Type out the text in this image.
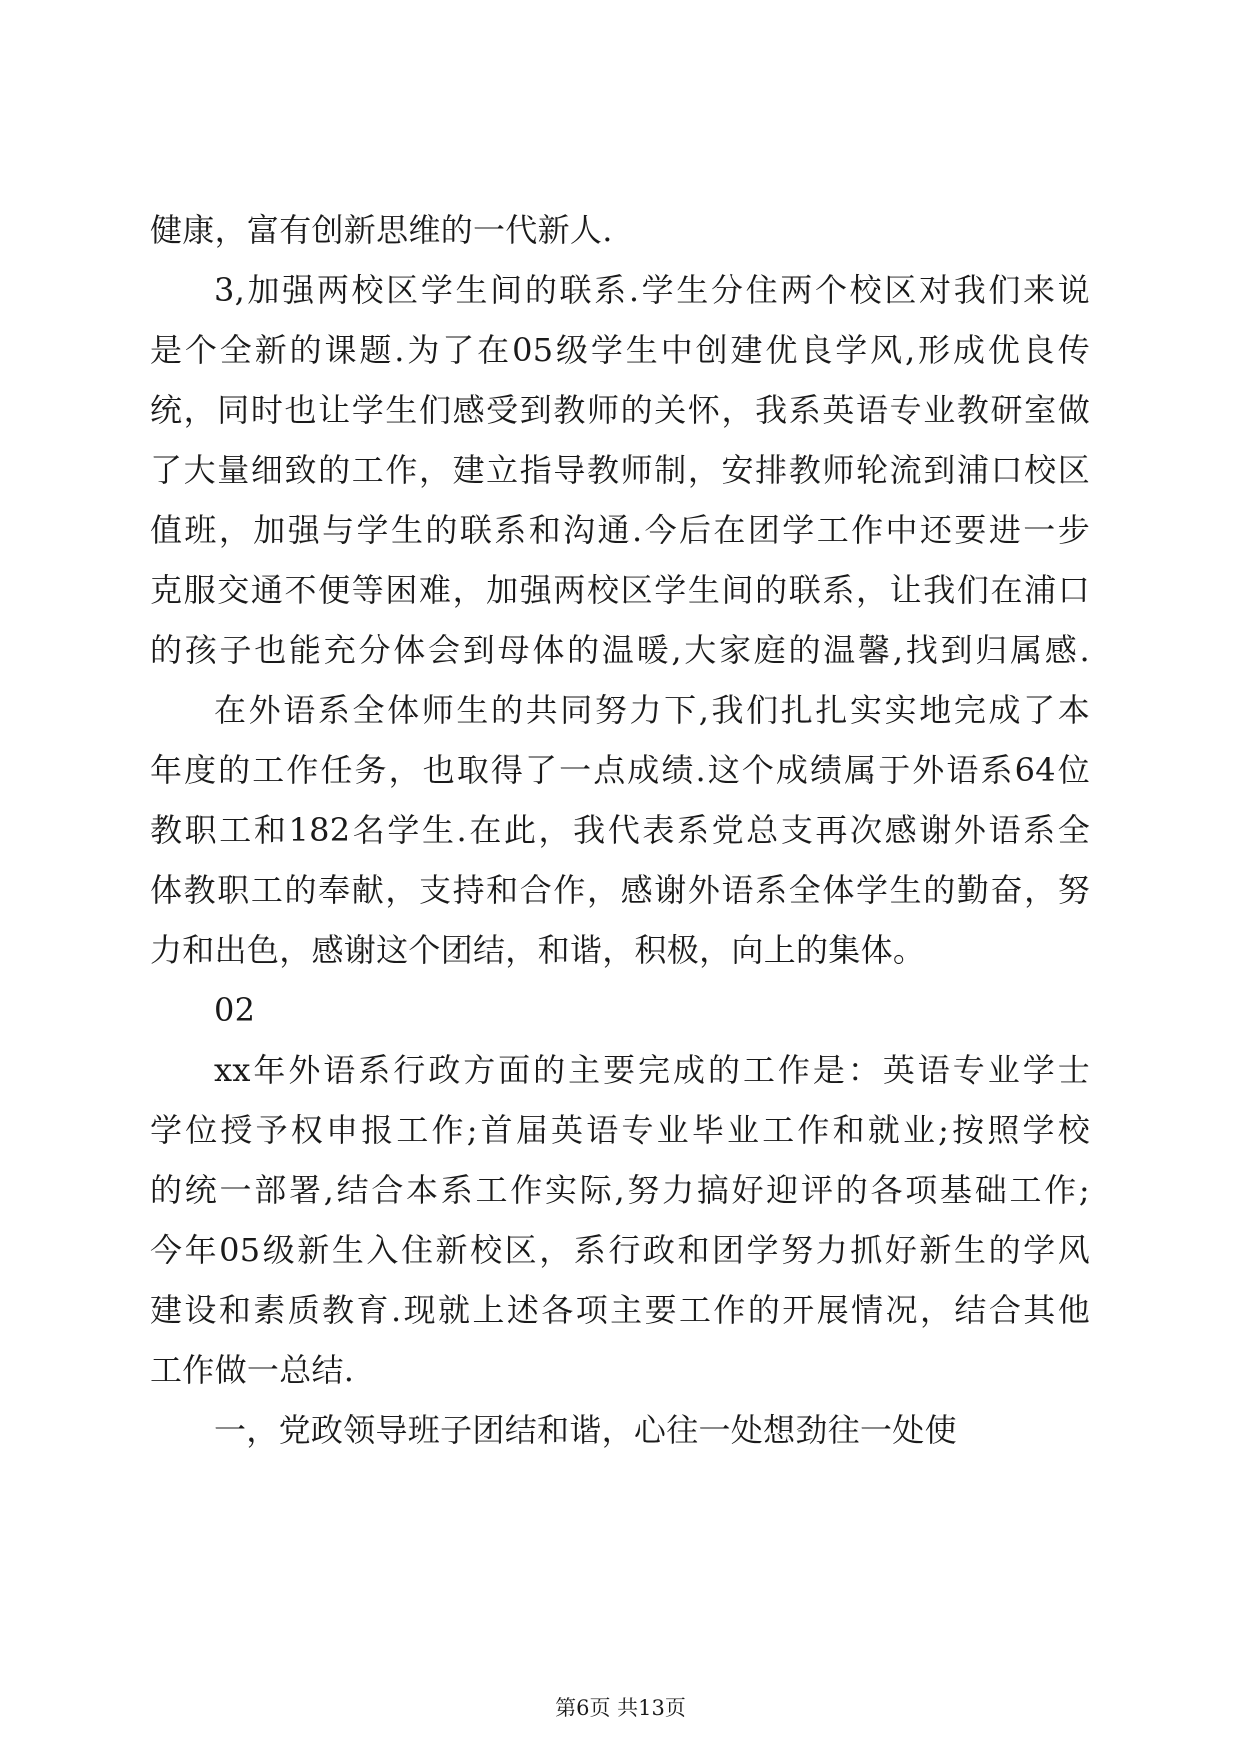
健康，富有创新思维的一代新人.
3,加强两校区学生间的联系.学生分住两个校区对我们来说
是个全新的课题.为了在05级学生中创建优良学风,形成优良传
统，同时也让学生们感受到教师的关怀，我系英语专业教研室做
了大量细致的工作，建立指导教师制，安排教师轮流到浦口校区
值班，加强与学生的联系和沟通.今后在团学工作中还要进一步
克服交通不便等困难，加强两校区学生间的联系，让我们在浦口
的孩子也能充分体会到母体的温暖,大家庭的温馨,找到归属感.
在外语系全体师生的共同努力下,我们扎扎实实地完成了本
年度的工作任务，也取得了一点成绩.这个成绩属于外语系64位
教职工和182名学生.在此，我代表系党总支再次感谢外语系全
体教职工的奉献，支持和合作，感谢外语系全体学生的勤奋，努
力和出色，感谢这个团结，和谐，积极，向上的集体。
02
xx年外语系行政方面的主要完成的工作是：英语专业学士
学位授予权申报工作;首届英语专业毕业工作和就业;按照学校
的统一部署,结合本系工作实际,努力搞好迎评的各项基础工作;
今年05级新生入住新校区，系行政和团学努力抓好新生的学风
建设和素质教育.现就上述各项主要工作的开展情况，结合其他
工作做一总结.
一，党政领导班子团结和谐，心往一处想劲往一处使
第6页 共13页
